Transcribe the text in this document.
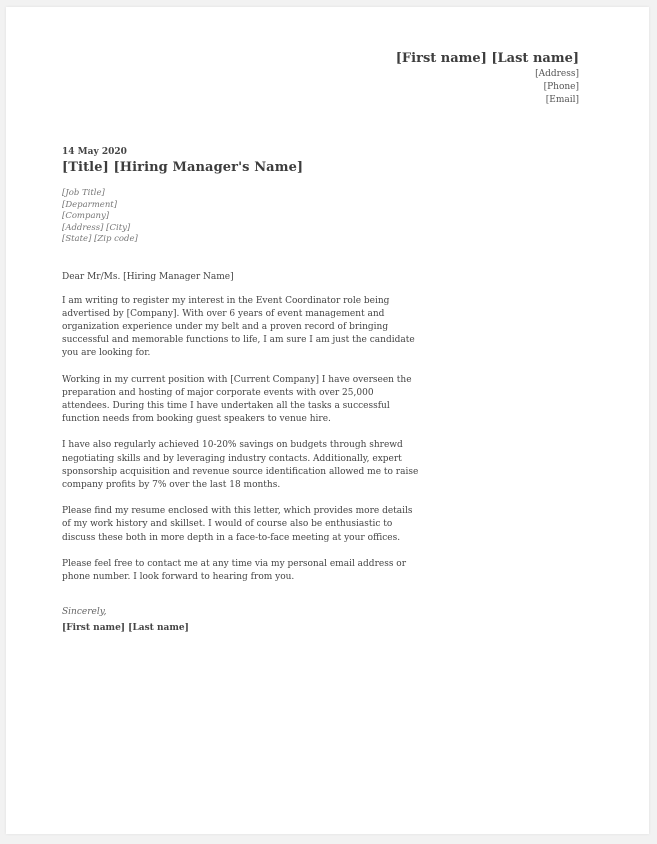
[First name] [Last name]
[Address]
[Phone]
[Email]
14 May 2020
[Title] [Hiring Manager's Name]
[Job Title]
[Deparment]
[Company]
[Address] [City]
[State] [Zip code]
Dear Mr/Ms. [Hiring Manager Name]
I am writing to register my interest in the Event Coordinator role being advertised by [Company]. With over 6 years of event management and organization experience under my belt and a proven record of bringing successful and memorable functions to life, I am sure I am just the candidate you are looking for.
Working in my current position with [Current Company] I have overseen the preparation and hosting of major corporate events with over 25,000 attendees. During this time I have undertaken all the tasks a successful function needs from booking guest speakers to venue hire.
I have also regularly achieved 10-20% savings on budgets through shrewd negotiating skills and by leveraging industry contacts. Additionally, expert sponsorship acquisition and revenue source identification allowed me to raise company profits by 7% over the last 18 months.
Please find my resume enclosed with this letter, which provides more details of my work history and skillset. I would of course also be enthusiastic to discuss these both in more depth in a face-to-face meeting at your offices.
Please feel free to contact me at any time via my personal email address or phone number. I look forward to hearing from you.
Sincerely,
[First name] [Last name]
